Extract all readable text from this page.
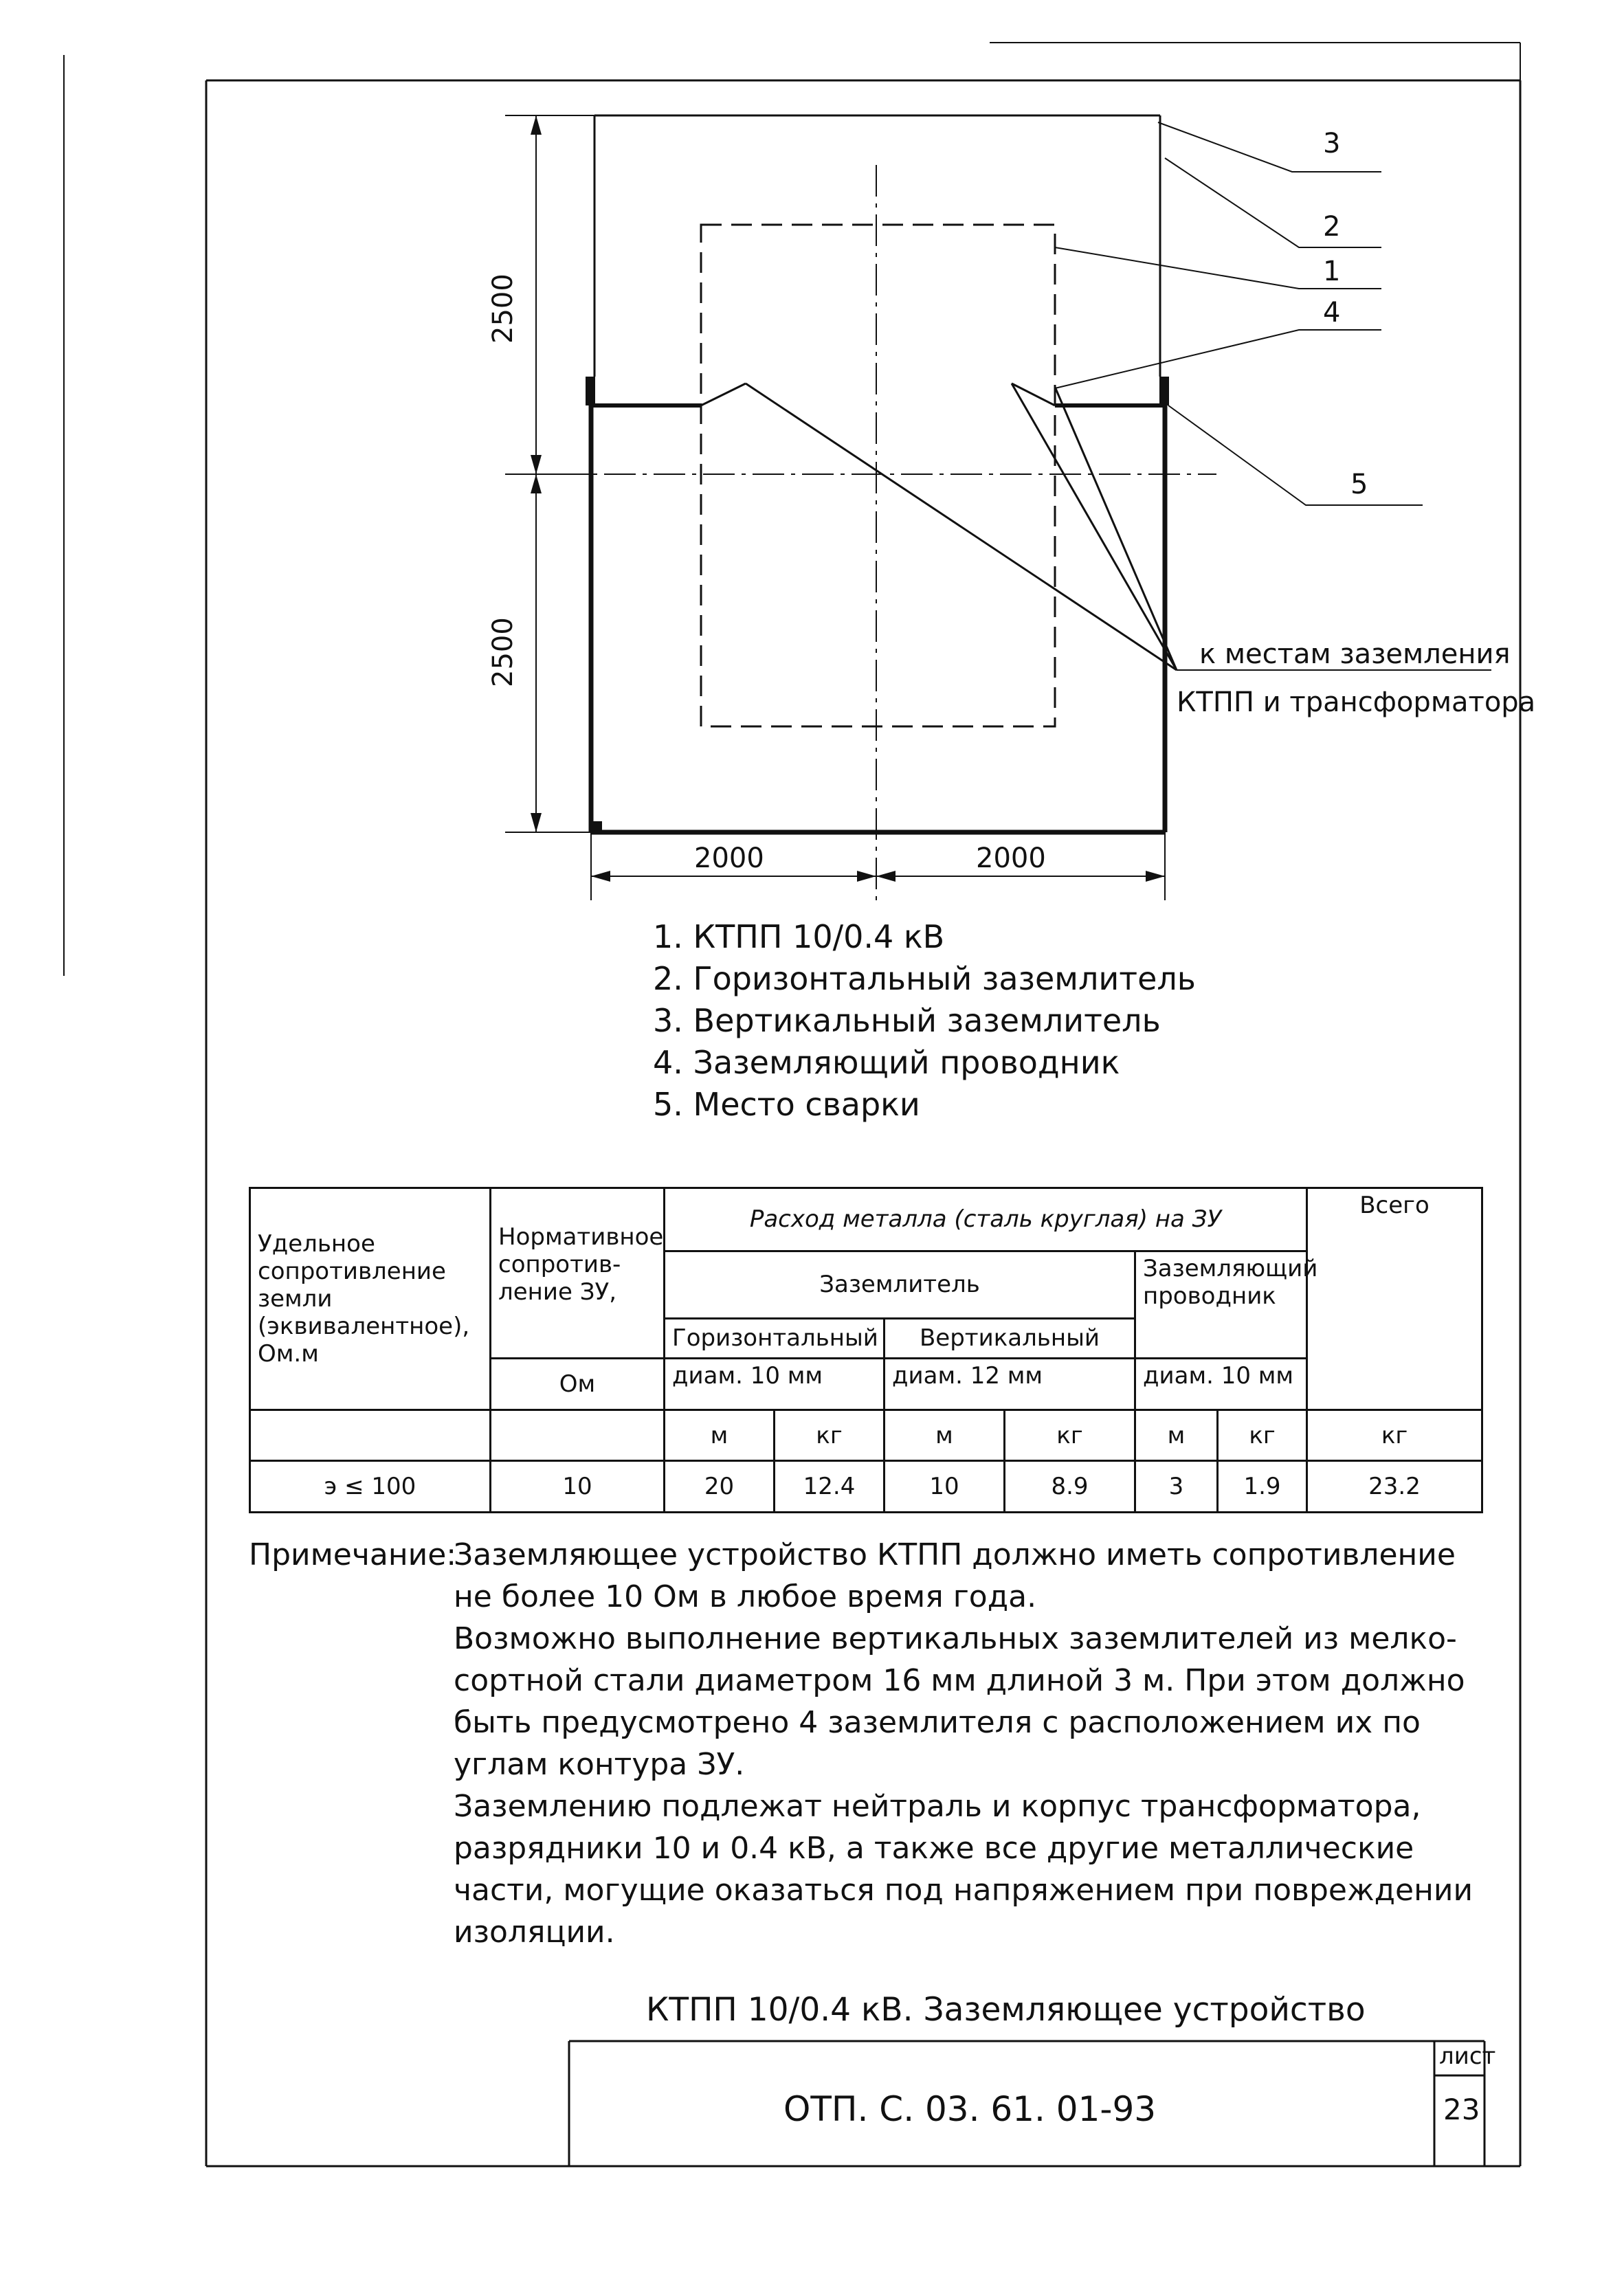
2500
2500
2000	2000
3
2
1
4
5
к местам заземления
КТПП и трансформатора
1. КТПП 10/0.4 кВ
2. Горизонтальный заземлитель
3. Вертикальный заземлитель
4. Заземляющий проводник
5. Место сварки
Удельное сопротивление земли (эквивалентное), Ом.м	Нормативное сопротив-ление ЗУ,	Расход металла (сталь круглая) на ЗУ						Всего
		Заземлитель				Заземляющий проводник		
		Горизонтальный		Вертикальный				
	Ом	диам. 10 мм		диам. 12 мм		диам. 10 мм		
		м	кг	м	кг	м	кг	кг
э ≤ 100	10	20	12.4	10	8.9	3	1.9	23.2
Примечание:
Заземляющее устройство КТПП должно иметь сопротивление
не более 10 Ом в любое время года.
Возможно выполнение вертикальных заземлителей из мелко-
сортной стали диаметром 16 мм длиной 3 м. При этом должно
быть предусмотрено 4 заземлителя с расположением их по
углам контура ЗУ.
Заземлению подлежат нейтраль и корпус трансформатора,
разрядники 10 и 0.4 кВ, а также все другие металлические
части, могущие оказаться под напряжением при повреждении
изоляции.
КТПП 10/0.4 кВ. Заземляющее устройство
ОТП. С. 03. 61. 01-93
лист
23
